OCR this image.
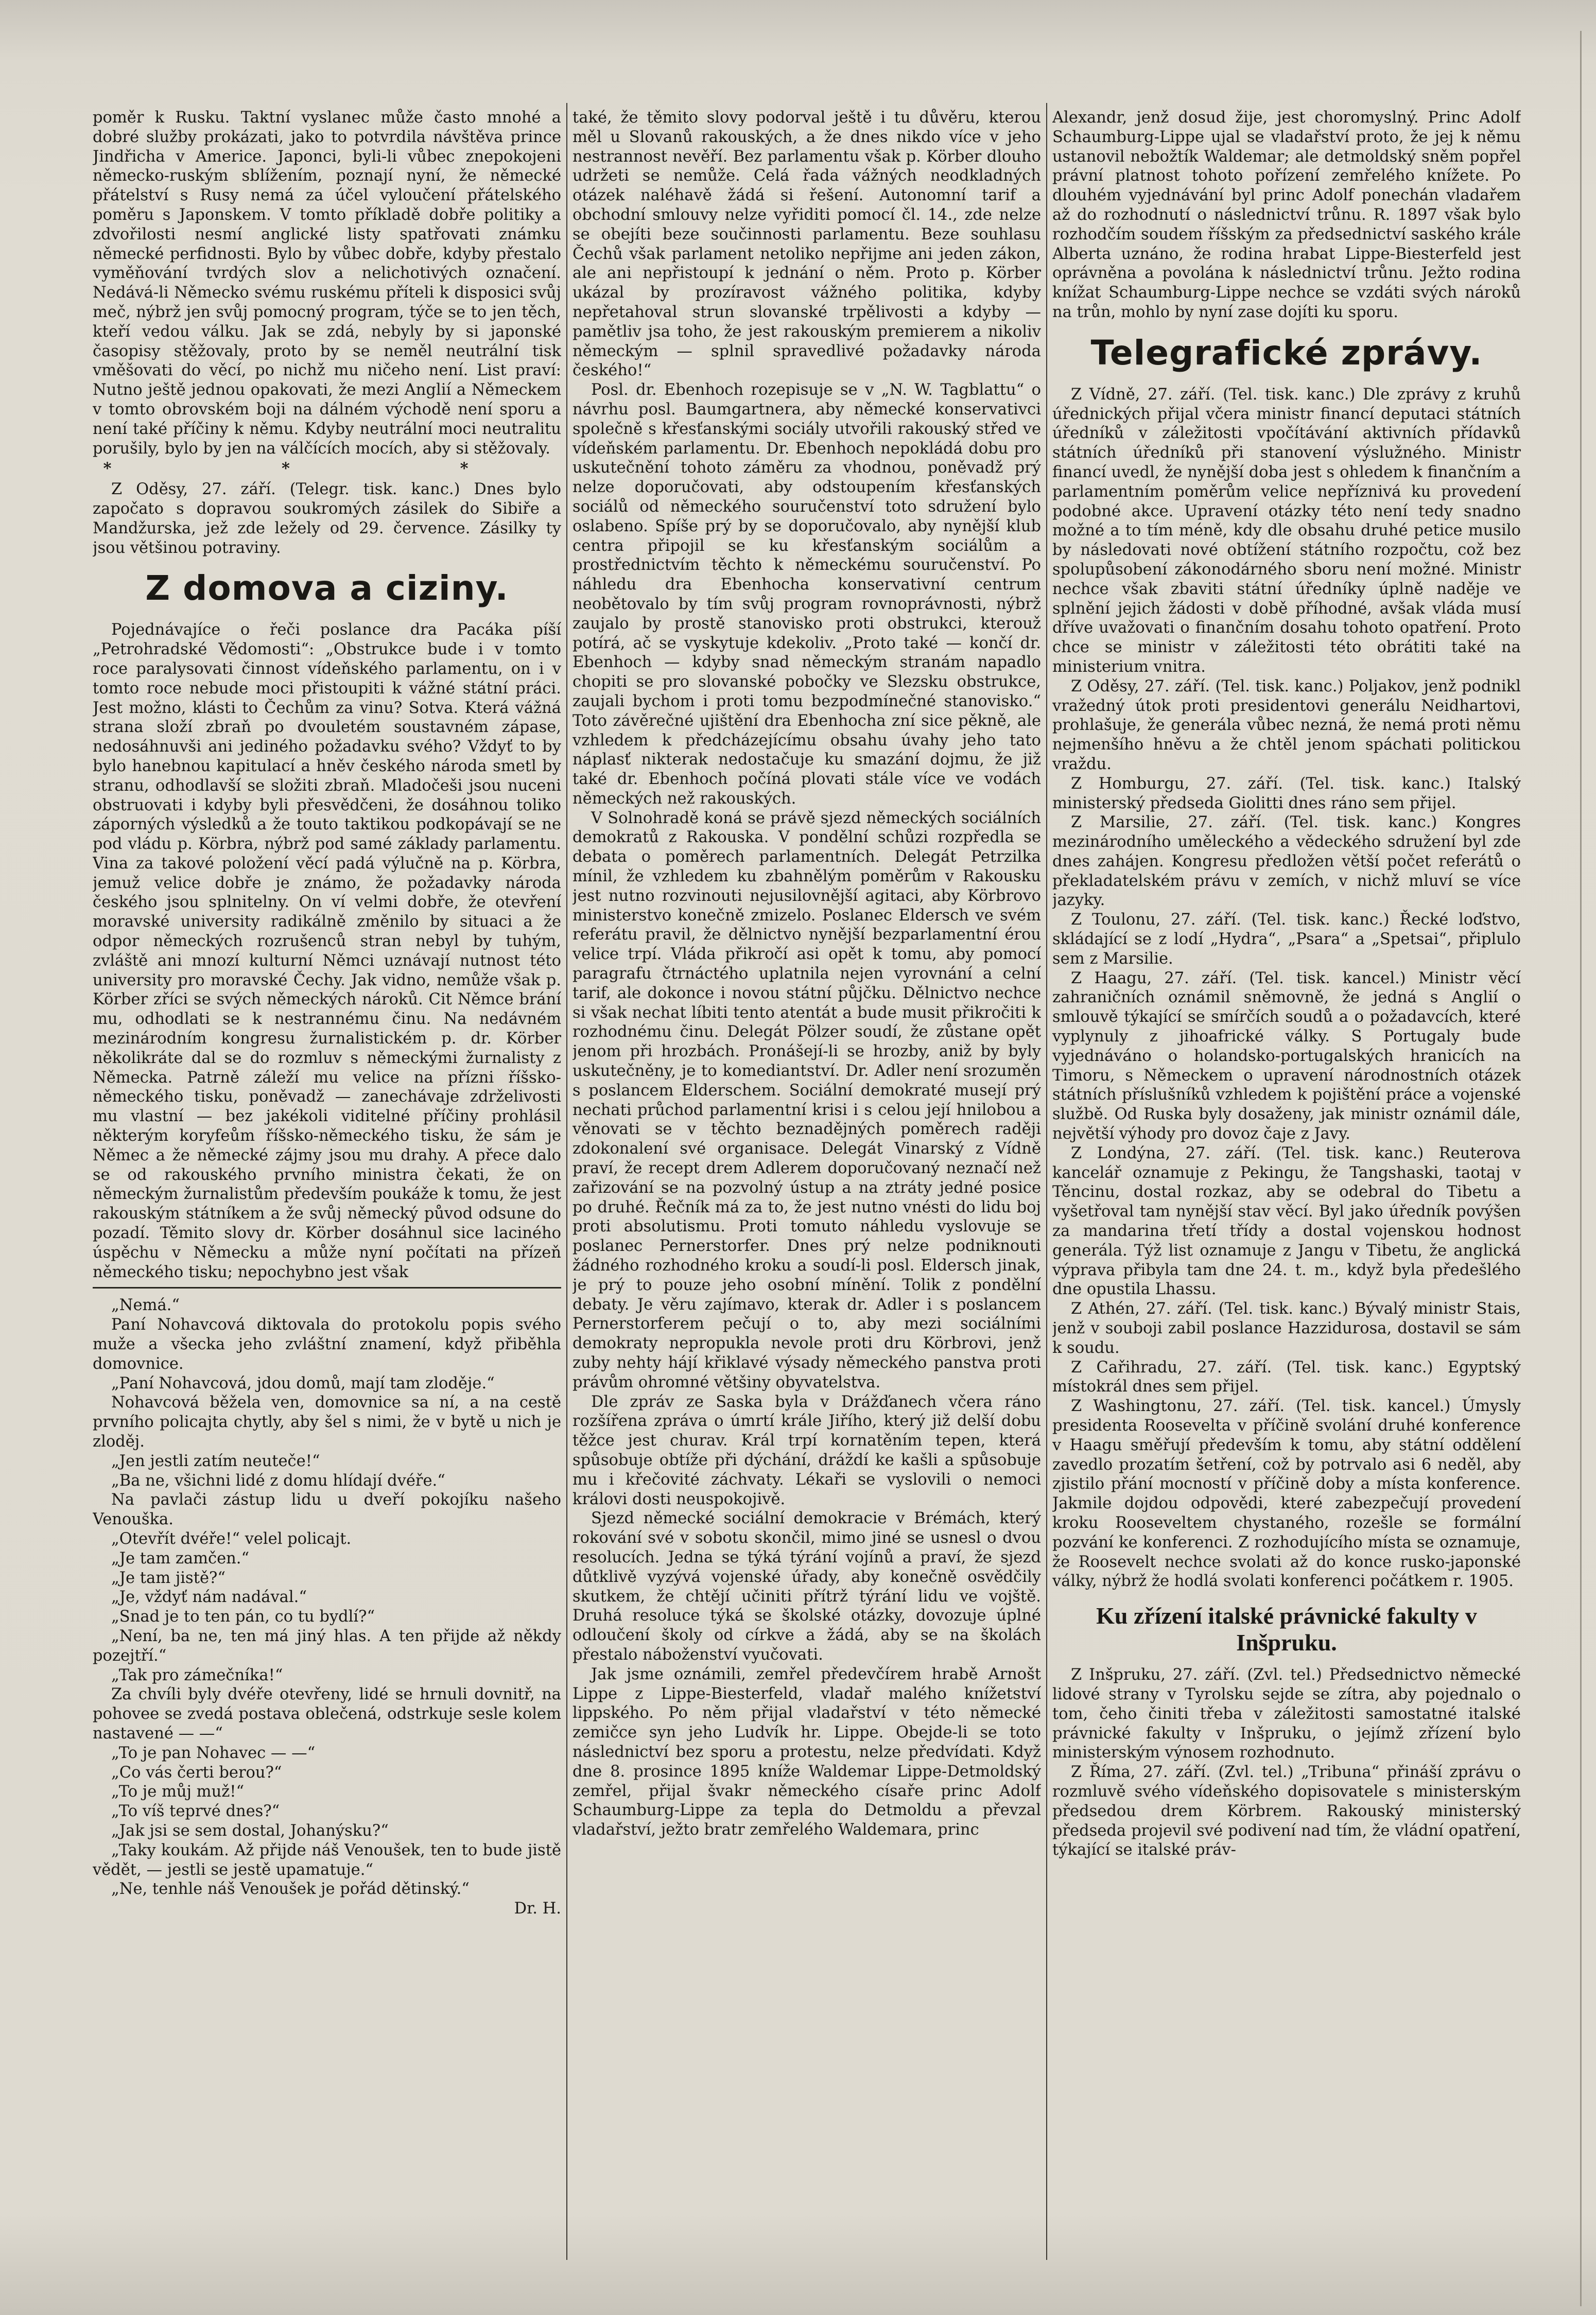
poměr k Rusku. Taktní vyslanec může často mnohé a dobré služby prokázati, jako to potvrdila návštěva prince Jindřicha v Americe. Japonci, byli-li vůbec znepokojeni německo-ruským sblížením, poznají nyní, že německé přátelství s Rusy nemá za účel vyloučení přátelského poměru s Japonskem. V tomto příkladě dobře politiky a zdvořilosti nesmí anglické listy spatřovati známku německé perfidnosti. Bylo by vůbec dobře, kdyby přestalo vyměňování tvrdých slov a nelichotivých označení. Nedává-li Německo svému ruskému příteli k disposici svůj meč, nýbrž jen svůj pomocný program, týče se to jen těch, kteří vedou válku. Jak se zdá, nebyly by si japonské časopisy stěžovaly, proto by se neměl neutrální tisk vměšovati do věcí, po nichž mu ničeho není. List praví: Nutno ještě jednou opakovati, že mezi Anglií a Německem v tomto obrovském boji na dálném východě není sporu a není také příčiny k němu. Kdyby neutrální moci neutralitu porušily, bylo by jen na válčících mocích, aby si stěžovaly.

* * *

Z Oděsy, 27. září. (Telegr. tisk. kanc.) Dnes bylo započato s dopravou soukromých zásilek do Sibiře a Mandžurska, jež zde ležely od 29. července. Zásilky ty jsou většinou potraviny.

Z domova a ciziny.

Pojednávajíce o řeči poslance dra Pacáka píší „Petrohradské Vědomosti“: „Obstrukce bude i v tomto roce paralysovati činnost vídeňského parlamentu, on i v tomto roce nebude moci přistoupiti k vážné státní práci. Jest možno, klásti to Čechům za vinu? Sotva. Která vážná strana složí zbraň po dvouletém soustavném zápase, nedosáhnuvši ani jediného požadavku svého? Vždyť to by bylo hanebnou kapitulací a hněv českého národa smetl by stranu, odhodlavší se složiti zbraň. Mladočeši jsou nuceni obstruovati i kdyby byli přesvědčeni, že dosáhnou toliko záporných výsledků a že touto taktikou podkopávají se ne pod vládu p. Körbra, nýbrž pod samé základy parlamentu. Vina za takové položení věcí padá výlučně na p. Körbra, jemuž velice dobře je známo, že požadavky národa českého jsou splnitelny. On ví velmi dobře, že otevření moravské university radikálně změnilo by situaci a že odpor německých rozrušenců stran nebyl by tuhým, zvláště ani mnozí kulturní Němci uznávají nutnost této university pro moravské Čechy. Jak vidno, nemůže však p. Körber zříci se svých německých nároků. Cit Němce brání mu, odhodlati se k nestrannému činu. Na nedávném mezinárodním kongresu žurnalistickém p. dr. Körber několikráte dal se do rozmluv s německými žurnalisty z Německa. Patrně záleží mu velice na přízni říšsko-německého tisku, poněvadž — zanechávaje zdrželivosti mu vlastní — bez jakékoli viditelné příčiny prohlásil některým koryfeům říšsko-německého tisku, že sám je Němec a že německé zájmy jsou mu drahy. A přece dalo se od rakouského prvního ministra čekati, že on německým žurnalistům především poukáže k tomu, že jest rakouským státníkem a že svůj německý původ odsune do pozadí. Těmito slovy dr. Körber dosáhnul sice laciného úspěchu v Německu a může nyní počítati na přízeň německého tisku; nepochybno jest však

„Nemá.“

Paní Nohavcová diktovala do protokolu popis svého muže a všecka jeho zvláštní znamení, když přiběhla domovnice.

„Paní Nohavcová, jdou domů, mají tam zloděje.“

Nohavcová běžela ven, domovnice sa ní, a na cestě prvního policajta chytly, aby šel s nimi, že v bytě u nich je zloděj.

„Jen jestli zatím neuteče!“

„Ba ne, všichni lidé z domu hlídají dvéře.“

Na pavlači zástup lidu u dveří pokojíku našeho Venouška.

„Otevřít dvéře!“ velel policajt.

„Je tam zamčen.“

„Je tam jistě?“

„Je, vždyť nám nadával.“

„Snad je to ten pán, co tu bydlí?“

„Není, ba ne, ten má jiný hlas. A ten přijde až někdy pozejtří.“

„Tak pro zámečníka!“

Za chvíli byly dvéře otevřeny, lidé se hrnuli dovnitř, na pohovee se zvedá postava oblečená, odstrkuje sesle kolem nastavené — —“

„To je pan Nohavec — —“

„Co vás čerti berou?“

„To je můj muž!“

„To víš teprvé dnes?“

„Jak jsi se sem dostal, Johanýsku?“

„Taky koukám. Až přijde náš Venoušek, ten to bude jistě vědět, — jestli se jestě upamatuje.“

„Ne, tenhle náš Venoušek je pořád dětinský.“

Dr. H.

také, že těmito slovy podorval ještě i tu důvěru, kterou měl u Slovanů rakouských, a že dnes nikdo více v jeho nestrannost nevěří. Bez parlamentu však p. Körber dlouho udržeti se nemůže. Celá řada vážných neodkladných otázek naléhavě žádá si řešení. Autonomní tarif a obchodní smlouvy nelze vyřiditi pomocí čl. 14., zde nelze se obejíti beze součinnosti parlamentu. Beze souhlasu Čechů však parlament netoliko nepřijme ani jeden zákon, ale ani nepřistoupí k jednání o něm. Proto p. Körber ukázal by prozíravost vážného politika, kdyby nepřetahoval strun slovanské trpělivosti a kdyby — pamětliv jsa toho, že jest rakouským premierem a nikoliv německým — splnil spravedlivé požadavky národa českého!“

Posl. dr. Ebenhoch rozepisuje se v „N. W. Tagblattu“ o návrhu posl. Baumgartnera, aby německé konservativci společně s křesťanskými sociály utvořili rakouský střed ve vídeňském parlamentu. Dr. Ebenhoch nepokládá dobu pro uskutečnění tohoto záměru za vhodnou, poněvadž prý nelze doporučovati, aby odstoupením křesťanských sociálů od německého souručenství toto sdružení bylo oslabeno. Spíše prý by se doporučovalo, aby nynější klub centra připojil se ku křesťanským sociálům a prostřednictvím těchto k německému souručenství. Po náhledu dra Ebenhocha konservativní centrum neobětovalo by tím svůj program rovnoprávnosti, nýbrž zaujalo by prostě stanovisko proti obstrukci, kterouž potírá, ač se vyskytuje kdekoliv. „Proto také — končí dr. Ebenhoch — kdyby snad německým stranám napadlo chopiti se pro slovanské pobočky ve Slezsku obstrukce, zaujali bychom i proti tomu bezpodmínečné stanovisko.“ Toto závěrečné ujištění dra Ebenhocha zní sice pěkně, ale vzhledem k předcházejícímu obsahu úvahy jeho tato náplasť nikterak nedostačuje ku smazání dojmu, že již také dr. Ebenhoch počíná plovati stále více ve vodách německých než rakouských.

V Solnohradě koná se právě sjezd německých sociálních demokratů z Rakouska. V pondělní schůzi rozpředla se debata o poměrech parlamentních. Delegát Petrzilka mínil, že vzhledem ku zbahnělým poměrům v Rakousku jest nutno rozvinouti nejusilovnější agitaci, aby Körbrovo ministerstvo konečně zmizelo. Poslanec Eldersch ve svém referátu pravil, že dělnictvo nynější bezparlamentní érou velice trpí. Vláda přikročí asi opět k tomu, aby pomocí paragrafu čtrnáctého uplatnila nejen vyrovnání a celní tarif, ale dokonce i novou státní půjčku. Dělnictvo nechce si však nechat líbiti tento atentát a bude musit přikročiti k rozhodnému činu. Delegát Pölzer soudí, že zůstane opět jenom při hrozbách. Pronášejí-li se hrozby, aniž by byly uskutečněny, je to komediantství. Dr. Adler není srozuměn s poslancem Elderschem. Sociální demokraté musejí prý nechati průchod parlamentní krisi i s celou její hnilobou a věnovati se v těchto beznadějných poměrech raději zdokonalení své organisace. Delegát Vinarský z Vídně praví, že recept drem Adlerem doporučovaný neznačí než zařizování se na pozvolný ústup a na ztráty jedné posice po druhé. Řečník má za to, že jest nutno vnésti do lidu boj proti absolutismu. Proti tomuto náhledu vyslovuje se poslanec Pernerstorfer. Dnes prý nelze podniknouti žádného rozhodného kroku a soudí-li posl. Eldersch jinak, je prý to pouze jeho osobní mínění. Tolik z pondělní debaty. Je věru zajímavo, kterak dr. Adler i s poslancem Pernerstorferem pečují o to, aby mezi sociálními demokraty nepropukla nevole proti dru Körbrovi, jenž zuby nehty hájí křiklavé výsady německého panstva proti právům ohromné většiny obyvatelstva.

Dle zpráv ze Saska byla v Drážďanech včera ráno rozšířena zpráva o úmrtí krále Jiřího, který již delší dobu těžce jest churav. Král trpí kornatěním tepen, která spůsobuje obtíže při dýchání, dráždí ke kašli a spůsobuje mu i křečovité záchvaty. Lékaři se vyslovili o nemoci královi dosti neuspokojivě.

Sjezd německé sociální demokracie v Brémách, který rokování své v sobotu skončil, mimo jiné se usnesl o dvou resolucích. Jedna se týká týrání vojínů a praví, že sjezd důtklivě vyzývá vojenské úřady, aby konečně osvědčily skutkem, že chtějí učiniti přítrž týrání lidu ve vojště. Druhá resoluce týká se školské otázky, dovozuje úplné odloučení školy od církve a žádá, aby se na školách přestalo náboženství vyučovati.

Jak jsme oznámili, zemřel předevčírem hrabě Arnošt Lippe z Lippe-Biesterfeld, vladař malého knížetství lippského. Po něm přijal vladařství v této německé zemičce syn jeho Ludvík hr. Lippe. Obejde-li se toto následnictví bez sporu a protestu, nelze předvídati. Když dne 8. prosince 1895 kníže Waldemar Lippe-Detmoldský zemřel, přijal švakr německého císaře princ Adolf Schaumburg-Lippe za tepla do Detmoldu a převzal vladařství, ježto bratr zemřelého Waldemara, princ

Alexandr, jenž dosud žije, jest choromyslný. Princ Adolf Schaumburg-Lippe ujal se vladařství proto, že jej k němu ustanovil nebožtík Waldemar; ale detmoldský sněm popřel právní platnost tohoto pořízení zemřelého knížete. Po dlouhém vyjednávání byl princ Adolf ponechán vladařem až do rozhodnutí o následnictví trůnu. R. 1897 však bylo rozhodčím soudem říšským za předsednictví saského krále Alberta uznáno, že rodina hrabat Lippe-Biesterfeld jest oprávněna a povolána k následnictví trůnu. Ježto rodina knížat Schaumburg-Lippe nechce se vzdáti svých nároků na trůn, mohlo by nyní zase dojíti ku sporu.

Telegrafické zprávy.

Z Vídně, 27. září. (Tel. tisk. kanc.) Dle zprávy z kruhů úřednických přijal včera ministr financí deputaci státních úředníků v záležitosti vpočítávání aktivních přídavků státních úředníků při stanovení výslužného. Ministr financí uvedl, že nynější doba jest s ohledem k finančním a parlamentním poměrům velice nepříznivá ku provedení podobné akce. Upravení otázky této není tedy snadno možné a to tím méně, kdy dle obsahu druhé petice musilo by následovati nové obtížení státního rozpočtu, což bez spolupůsobení zákonodárného sboru není možné. Ministr nechce však zbaviti státní úředníky úplně naděje ve splnění jejich žádosti v době příhodné, avšak vláda musí dříve uvažovati o finančním dosahu tohoto opatření. Proto chce se ministr v záležitosti této obrátiti také na ministerium vnitra.

Z Oděsy, 27. září. (Tel. tisk. kanc.) Poljakov, jenž podnikl vražedný útok proti presidentovi generálu Neidhartovi, prohlašuje, že generála vůbec nezná, že nemá proti němu nejmenšího hněvu a že chtěl jenom spáchati politickou vraždu.

Z Homburgu, 27. září. (Tel. tisk. kanc.) Italský ministerský předseda Giolitti dnes ráno sem přijel.

Z Marsilie, 27. září. (Tel. tisk. kanc.) Kongres mezinárodního uměleckého a vědeckého sdružení byl zde dnes zahájen. Kongresu předložen větší počet referátů o překladatelském právu v zemích, v nichž mluví se více jazyky.

Z Toulonu, 27. září. (Tel. tisk. kanc.) Řecké loďstvo, skládající se z lodí „Hydra“, „Psara“ a „Spetsai“, připlulo sem z Marsilie.

Z Haagu, 27. září. (Tel. tisk. kancel.) Ministr věcí zahraničních oznámil sněmovně, že jedná s Anglií o smlouvě týkající se smírčích soudů a o požadavcích, které vyplynuly z jihoafrické války. S Portugaly bude vyjednáváno o holandsko-portugalských hranicích na Timoru, s Německem o upravení národnostních otázek státních příslušníků vzhledem k pojištění práce a vojenské službě. Od Ruska byly dosaženy, jak ministr oznámil dále, největší výhody pro dovoz čaje z Javy.

Z Londýna, 27. září. (Tel. tisk. kanc.) Reuterova kancelář oznamuje z Pekingu, že Tangshaski, taotaj v Těncinu, dostal rozkaz, aby se odebral do Tibetu a vyšetřoval tam nynější stav věcí. Byl jako úředník povýšen za mandarina třetí třídy a dostal vojenskou hodnost generála. Týž list oznamuje z Jangu v Tibetu, že anglická výprava přibyla tam dne 24. t. m., když byla předešlého dne opustila Lhassu.

Z Athén, 27. září. (Tel. tisk. kanc.) Bývalý ministr Stais, jenž v souboji zabil poslance Hazzidurosa, dostavil se sám k soudu.

Z Cařihradu, 27. září. (Tel. tisk. kanc.) Egyptský místokrál dnes sem přijel.

Z Washingtonu, 27. září. (Tel. tisk. kancel.) Úmysly presidenta Roosevelta v příčině svolání druhé konference v Haagu směřují především k tomu, aby státní oddělení zavedlo prozatím šetření, což by potrvalo asi 6 neděl, aby zjistilo přání mocností v příčině doby a místa konference. Jakmile dojdou odpovědi, které zabezpečují provedení kroku Rooseveltem chystaného, rozešle se formální pozvání ke konferenci. Z rozhodujícího místa se oznamuje, že Roosevelt nechce svolati až do konce rusko-japonské války, nýbrž že hodlá svolati konferenci počátkem r. 1905.

Ku zřízení italské právnické fakulty v Inšpruku.

Z Inšpruku, 27. září. (Zvl. tel.) Předsednictvo německé lidové strany v Tyrolsku sejde se zítra, aby pojednalo o tom, čeho činiti třeba v záležitosti samostatné italské právnické fakulty v Inšpruku, o jejímž zřízení bylo ministerským výnosem rozhodnuto.

Z Říma, 27. září. (Zvl. tel.) „Tribuna“ přináší zprávu o rozmluvě svého vídeňského dopisovatele s ministerským předsedou drem Körbrem. Rakouský ministerský předseda projevil své podivení nad tím, že vládní opatření, týkající se italské práv-
